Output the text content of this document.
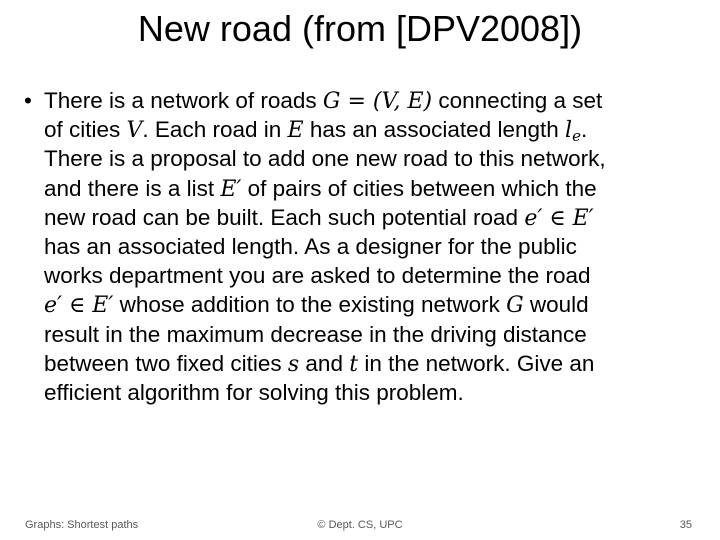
New road (from [DPV2008])
• There is a network of roads G = (V, E) connecting a set
of cities V. Each road in E has an associated length $l_e$.
There is a proposal to add one new road to this network,
and there is a list E′ of pairs of cities between which the
new road can be built. Each such potential road e′ ∈ E′
has an associated length. As a designer for the public
works department you are asked to determine the road
e′ ∈ E′ whose addition to the existing network G would
result in the maximum decrease in the driving distance
between two fixed cities s and t in the network. Give an
efficient algorithm for solving this problem.
Graphs: Shortest paths	© Dept. CS, UPC	35
